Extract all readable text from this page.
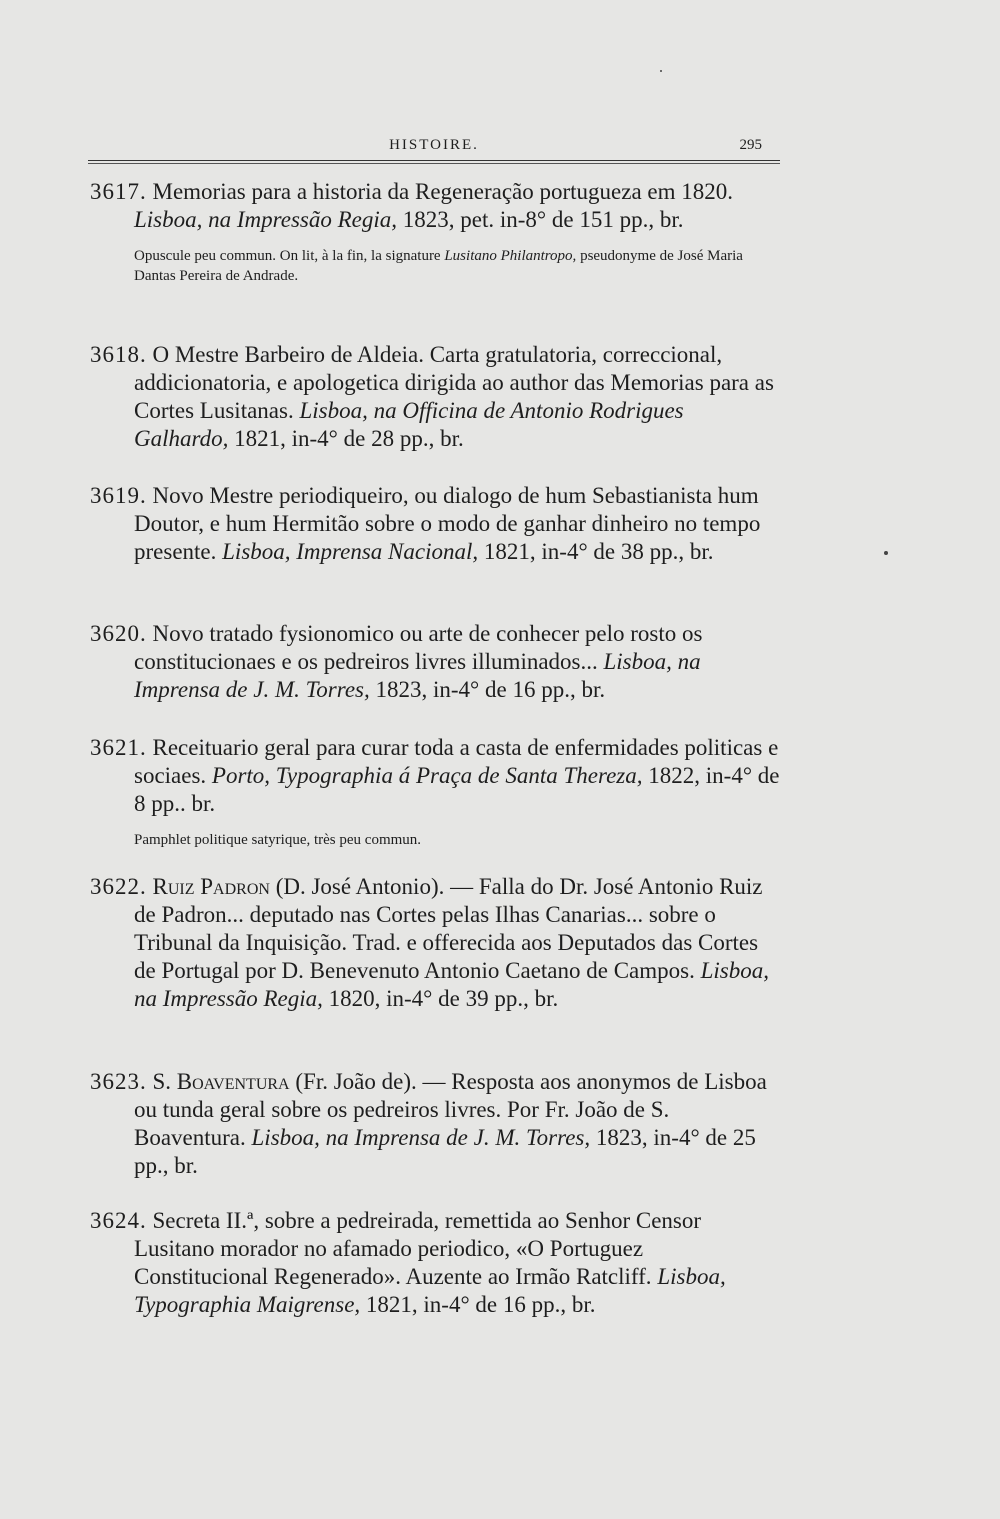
HISTOIRE.	295
3617. Memorias para a historia da Regeneração portugueza em 1820. Lisboa, na Impressão Regia, 1823, pet. in-8° de 151 pp., br.
Opuscule peu commun. On lit, à la fin, la signature Lusitano Philantropo, pseudonyme de José Maria Dantas Pereira de Andrade.
3618. O Mestre Barbeiro de Aldeia. Carta gratulatoria, correccional, addicionatoria, e apologetica dirigida ao author das Memorias para as Cortes Lusitanas. Lisboa, na Officina de Antonio Rodrigues Galhardo, 1821, in-4° de 28 pp., br.
3619. Novo Mestre periodiqueiro, ou dialogo de hum Sebastianista hum Doutor, e hum Hermitão sobre o modo de ganhar dinheiro no tempo presente. Lisboa, Imprensa Nacional, 1821, in-4° de 38 pp., br.
3620. Novo tratado fysionomico ou arte de conhecer pelo rosto os constitucionaes e os pedreiros livres illuminados... Lisboa, na Imprensa de J. M. Torres, 1823, in-4° de 16 pp., br.
3621. Receituario geral para curar toda a casta de enfermidades politicas e sociaes. Porto, Typographia á Praça de Santa Thereza, 1822, in-4° de 8 pp.. br.
Pamphlet politique satyrique, très peu commun.
3622. Ruiz Padron (D. José Antonio). — Falla do Dr. José Antonio Ruiz de Padron... deputado nas Cortes pelas Ilhas Canarias... sobre o Tribunal da Inquisição. Trad. e offerecida aos Deputados das Cortes de Portugal por D. Benevenuto Antonio Caetano de Campos. Lisboa, na Impressão Regia, 1820, in-4° de 39 pp., br.
3623. S. Boaventura (Fr. João de). — Resposta aos anonymos de Lisboa ou tunda geral sobre os pedreiros livres. Por Fr. João de S. Boaventura. Lisboa, na Imprensa de J. M. Torres, 1823, in-4° de 25 pp., br.
3624. Secreta II.ª, sobre a pedreirada, remettida ao Senhor Censor Lusitano morador no afamado periodico, «O Portuguez Constitucional Regenerado». Auzente ao Irmão Ratcliff. Lisboa, Typographia Maigrense, 1821, in-4° de 16 pp., br.
